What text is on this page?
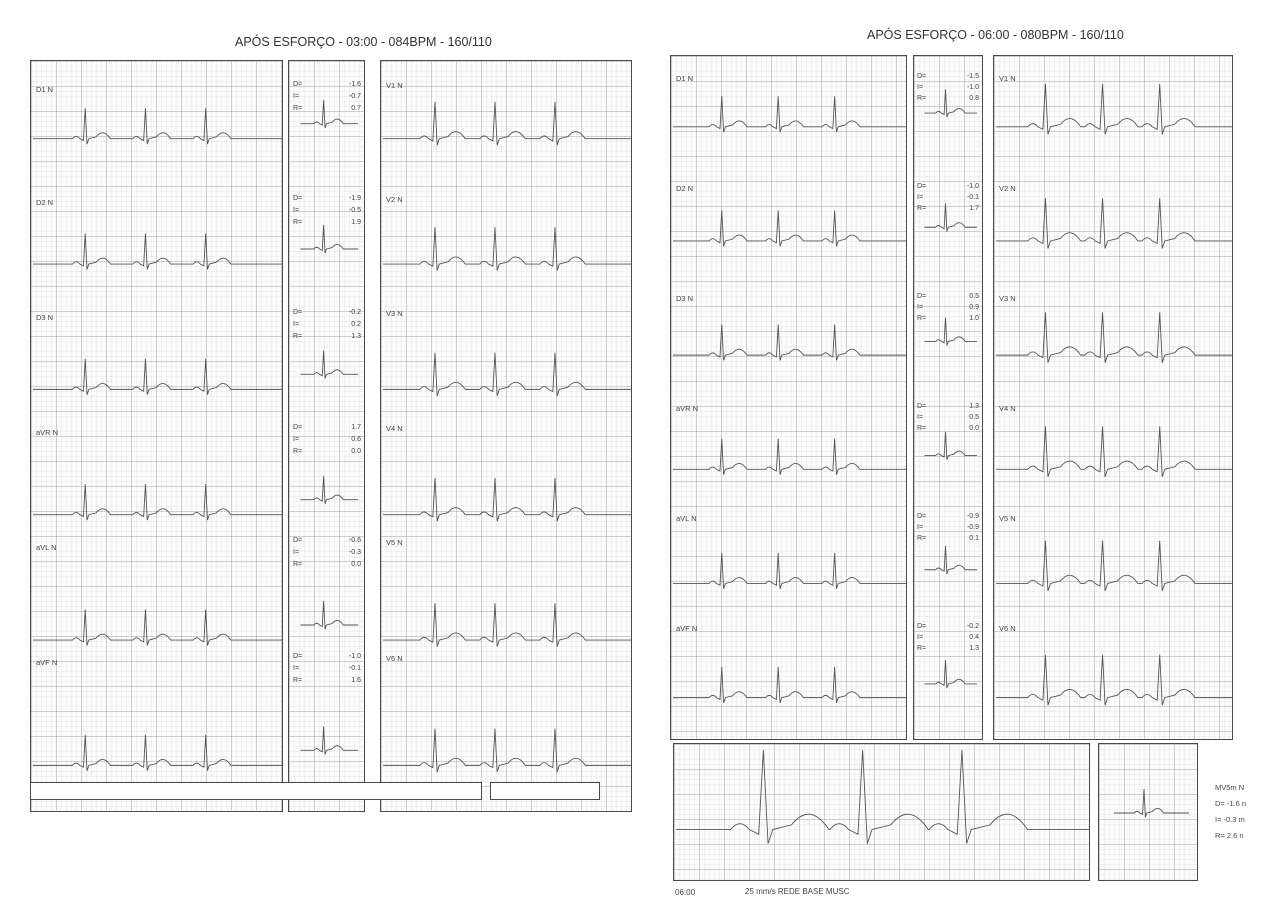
APÓS ESFORÇO - 03:00 - 084BPM - 160/110
D1 N
D2 N
D3 N
aVR N
aVL N
aVF N
D=	-1.6
I=	-0.7
R=	0.7
D=	-1.9
I=	-0.5
R=	1.9
D=	-0.2
I=	0.2
R=	1.3
D=	1.7
I=	0.6
R=	0.0
D=	-0.6
I=	-0.3
R=	0.0
D=	-1.0
I=	-0.1
R=	1.6
V1 N
V2 N
V3 N
V4 N
V5 N
V6 N
APÓS ESFORÇO - 06:00 - 080BPM - 160/110
D1 N
D2 N
D3 N
aVR N
aVL N
aVF N
D=	-1.5
I=	-1.0
R=	0.8
D=	-1.0
I=	-0.1
R=	1.7
D=	0.5
I=	0.9
R=	1.0
D=	1.3
I=	0.5
R=	0.0
D=	-0.9
I=	-0.9
R=	0.1
D=	-0.2
I=	0.4
R=	1.3
V1 N
V2 N
V3 N
V4 N
V5 N
V6 N
MV5m N
D= -1.6 n
I= -0.3 m
R= 2.6 n
06:00	25 mm/s REDE BASE MUSC
